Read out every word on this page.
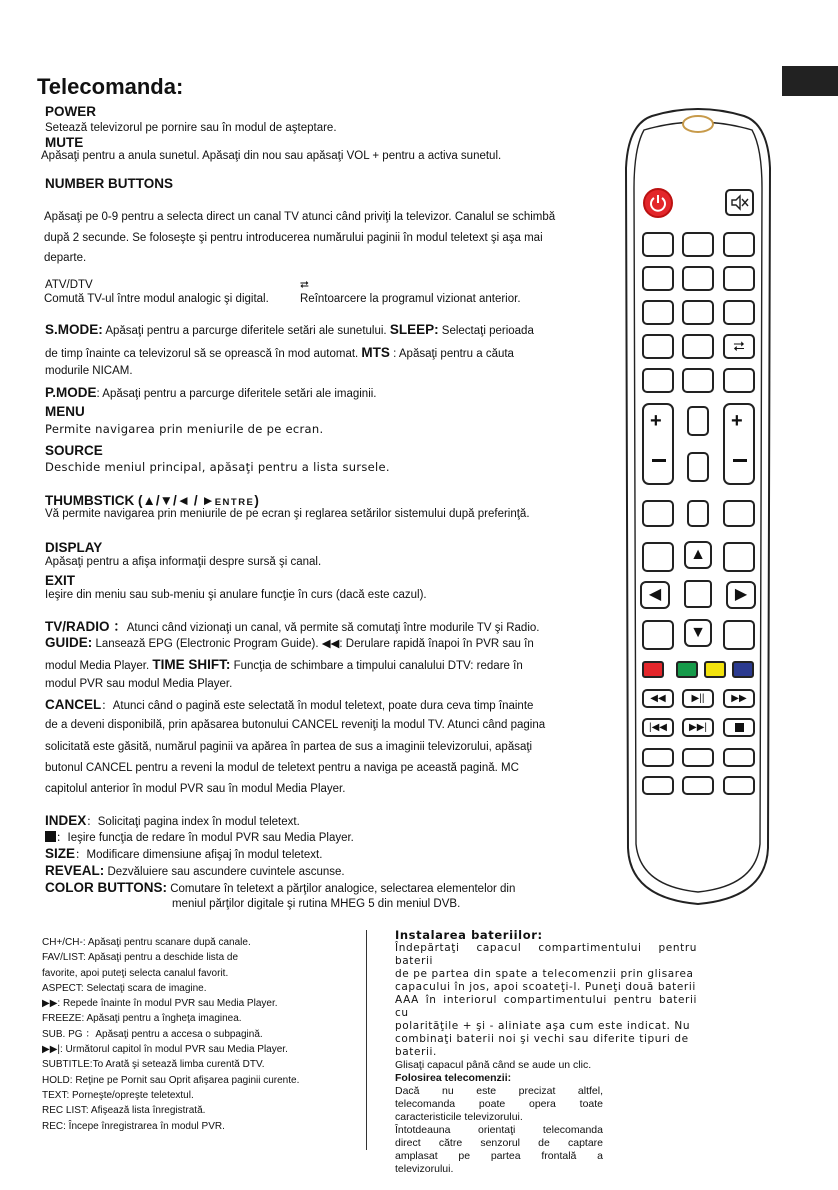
Telecomanda:
POWER
Setează televizorul pe pornire sau în modul de aşteptare.
MUTE
Apăsaţi pentru a anula sunetul. Apăsaţi din nou sau apăsaţi VOL + pentru a activa sunetul.
NUMBER BUTTONS
Apăsaţi pe 0-9 pentru a selecta direct un canal TV atunci când priviţi la televizor. Canalul se schimbă
după 2 secunde. Se foloseşte şi pentru introducerea numărului paginii în modul teletext şi aşa mai
departe.
ATV/DTV
Comută TV-ul între modul analogic şi digital.
⮂
Reîntoarcere la programul vizionat anterior.
S.MODE: Apăsaţi pentru a parcurge diferitele setări ale sunetului. SLEEP: Selectaţi perioada
de timp înainte ca televizorul să se oprească în mod automat. MTS : Apăsaţi pentru a căuta
modurile NICAM.
P.MODE: Apăsaţi pentru a parcurge diferitele setări ale imaginii.
MENU
Permite navigarea prin meniurile de pe ecran.
SOURCE
Deschide meniul principal, apăsaţi pentru a lista sursele.
THUMBSTICK (▲/▼/◄ / ►ENTRE)
Vă permite navigarea prin meniurile de pe ecran şi reglarea setărilor sistemului după preferinţă.
DISPLAY
Apăsaţi pentru a afişa informaţii despre sursă şi canal.
EXIT
Ieşire din meniu sau sub-meniu şi anulare funcţie în curs (dacă este cazul).
TV/RADIO ：Atunci când vizionaţi un canal, vă permite să comutaţi între modurile TV şi Radio.
GUIDE: Lansează EPG (Electronic Program Guide). ◀◀: Derulare rapidă înapoi în PVR sau în
modul Media Player. TIME SHIFT: Funcţia de schimbare a timpului canalului DTV: redare în
modul PVR sau modul Media Player.
CANCEL：Atunci când o pagină este selectată în modul teletext, poate dura ceva timp înainte
de a deveni disponibilă, prin apăsarea butonului CANCEL reveniţi la modul TV. Atunci când pagina
solicitată este găsită, numărul paginii va apărea în partea de sus a imaginii televizorului, apăsaţi
butonul CANCEL pentru a reveni la modul de teletext pentru a naviga pe această pagină. MC
capitolul anterior în modul PVR sau în modul Media Player.
INDEX：Solicitaţi pagina index în modul teletext.
：Ieşire funcţia de redare în modul PVR sau Media Player.
SIZE：Modificare dimensiune afişaj în modul teletext.
REVEAL: Dezvăluiere sau ascundere cuvintele ascunse.
COLOR BUTTONS: Comutare în teletext a părţilor analogice, selectarea elementelor din
meniul părţilor digitale şi rutina MHEG 5 din meniul DVB.
CH+/CH-: Apăsaţi pentru scanare după canale.
FAV/LIST: Apăsaţi pentru a deschide lista de
favorite, apoi puteţi selecta canalul favorit.
ASPECT: Selectaţi scara de imagine.
▶▶: Repede înainte în modul PVR sau Media Player.
FREEZE: Apăsaţi pentru a îngheţa imaginea.
SUB. PG ：Apăsaţi pentru a accesa o subpagină.
▶▶|: Următorul capitol în modul PVR sau Media Player.
SUBTITLE:To Arată şi setează limba curentă DTV.
HOLD: Reţine pe Pornit sau Oprit afişarea paginii curente.
TEXT: Porneşte/opreşte teletextul.
REC LIST: Afişează lista înregistrată.
REC: Începe înregistrarea în modul PVR.
Instalarea bateriilor:
Îndepărtaţi capacul compartimentului pentru baterii
de pe partea din spate a telecomenzii prin glisarea
capacului în jos, apoi scoateţi-l. Puneţi două baterii
AAA în interiorul compartimentului pentru baterii cu
polarităţile + şi - aliniate aşa cum este indicat. Nu
combinaţi baterii noi şi vechi sau diferite tipuri de
baterii.
Glisaţi capacul până când se aude un clic.
Folosirea telecomenzii:
Dacă nu este precizat altfel,
telecomanda poate opera toate
caracteristicile televizorului.
Întotdeauna orientaţi telecomanda
direct către senzorul de captare
amplasat pe partea frontală a
televizorului.
⮂
+	+
▲
◀	▶
▼
◀◀	▶||	▶▶
|◀◀	▶▶|
